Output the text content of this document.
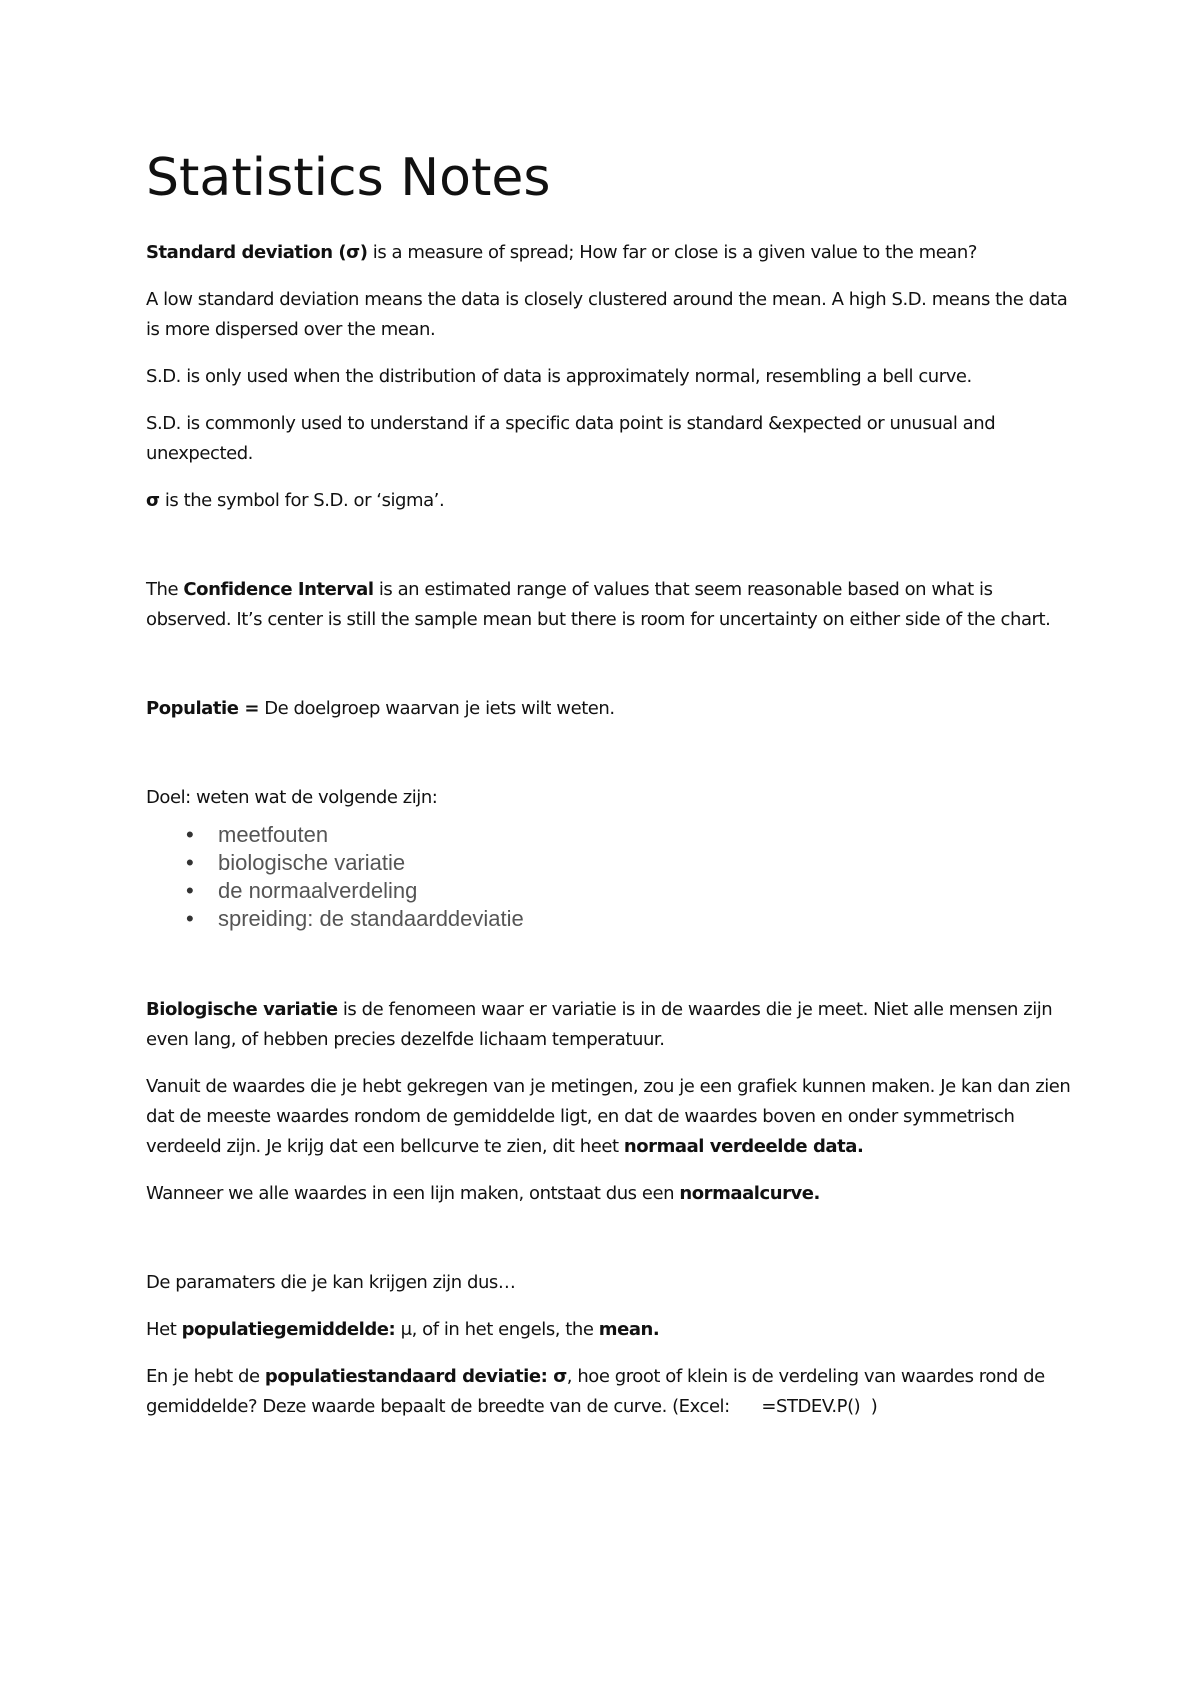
Statistics Notes

Standard deviation (σ) is a measure of spread; How far or close is a given value to the mean?

A low standard deviation means the data is closely clustered around the mean. A high S.D. means the data is more dispersed over the mean.

S.D. is only used when the distribution of data is approximately normal, resembling a bell curve.

S.D. is commonly used to understand if a specific data point is standard &expected or unusual and unexpected.

σ is the symbol for S.D. or ‘sigma’.

The Confidence Interval is an estimated range of values that seem reasonable based on what is observed. It’s center is still the sample mean but there is room for uncertainty on either side of the chart.

Populatie = De doelgroep waarvan je iets wilt weten.

Doel: weten wat de volgende zijn:

• meetfouten
• biologische variatie
• de normaalverdeling
• spreiding: de standaarddeviatie

Biologische variatie is de fenomeen waar er variatie is in de waardes die je meet. Niet alle mensen zijn even lang, of hebben precies dezelfde lichaam temperatuur.

Vanuit de waardes die je hebt gekregen van je metingen, zou je een grafiek kunnen maken. Je kan dan zien dat de meeste waardes rondom de gemiddelde ligt, en dat de waardes boven en onder symmetrisch verdeeld zijn. Je krijg dat een bellcurve te zien, dit heet normaal verdeelde data.

Wanneer we alle waardes in een lijn maken, ontstaat dus een normaalcurve.

De paramaters die je kan krijgen zijn dus…

Het populatiegemiddelde: μ, of in het engels, the mean.

En je hebt de populatiestandaard deviatie: σ, hoe groot of klein is de verdeling van waardes rond de gemiddelde? Deze waarde bepaalt de breedte van de curve. (Excel:      =STDEV.P()  )
